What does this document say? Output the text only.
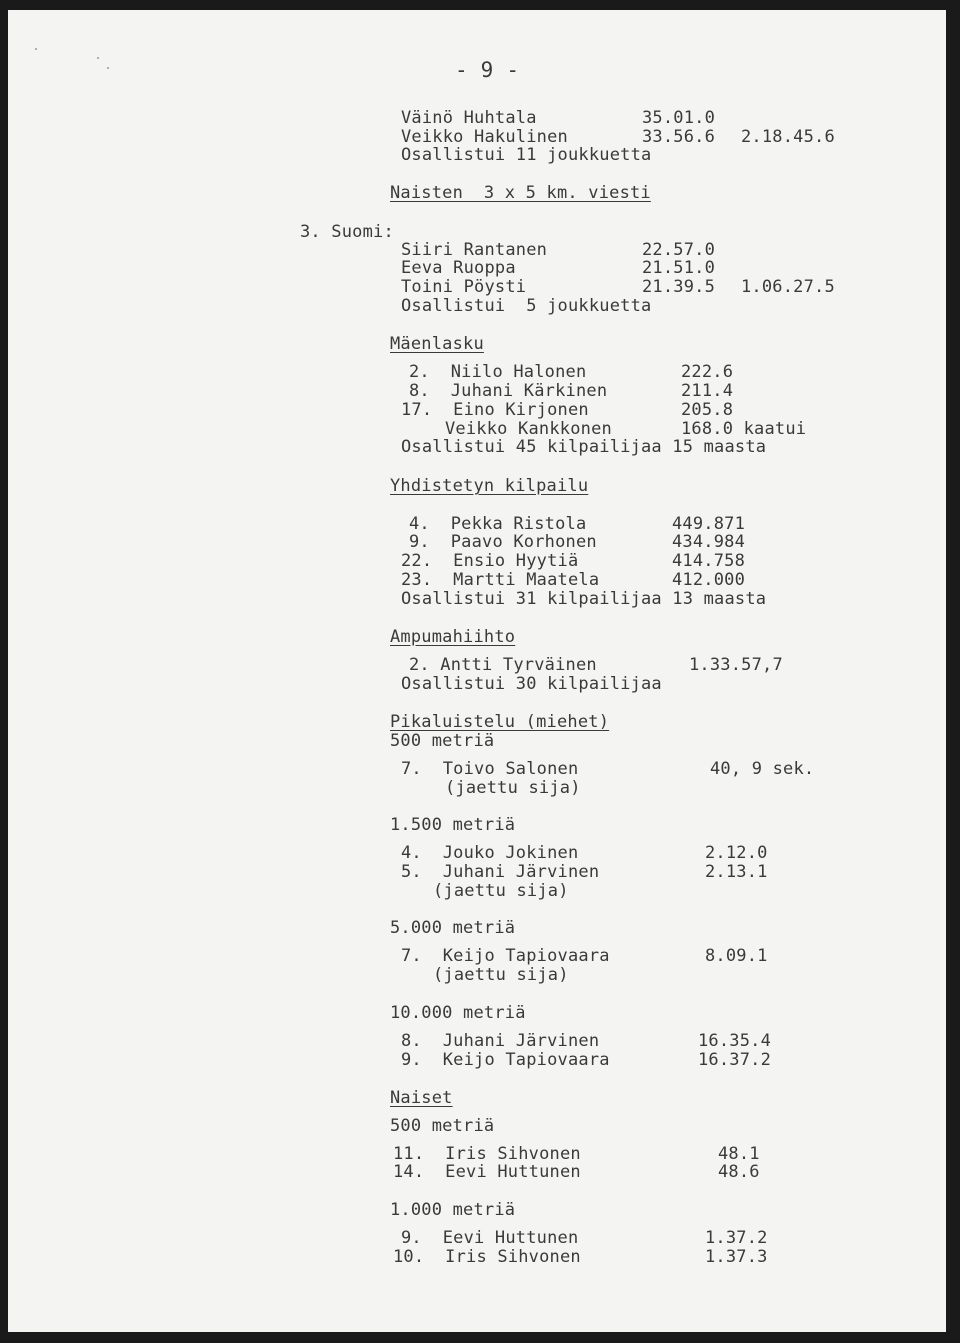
- 9 -
Väinö Huhtala	35.01.0
Veikko Hakulinen	33.56.6 2.18.45.6
Osallistui 11 joukkuetta
Naisten  3 x 5 km. viesti
3. Suomi:
Siiri Rantanen	22.57.0
Eeva Ruoppa	21.51.0
Toini Pöysti	21.39.5 1.06.27.5
Osallistui  5 joukkuetta
Mäenlasku
2.  Niilo Halonen	222.6
8.  Juhani Kärkinen	211.4
17.  Eino Kirjonen	205.8
Veikko Kankkonen	168.0 kaatui
Osallistui 45 kilpailijaa 15 maasta
Yhdistetyn kilpailu
4.  Pekka Ristola	449.871
9.  Paavo Korhonen	434.984
22.  Ensio Hyytiä	414.758
23.  Martti Maatela	412.000
Osallistui 31 kilpailijaa 13 maasta
Ampumahiihto
2. Antti Tyrväinen	1.33.57,7
Osallistui 30 kilpailijaa
Pikaluistelu (miehet)
500 metriä
7.  Toivo Salonen	40, 9 sek.
(jaettu sija)
1.500 metriä
4.  Jouko Jokinen	2.12.0
5.  Juhani Järvinen	2.13.1
(jaettu sija)
5.000 metriä
7.  Keijo Tapiovaara	8.09.1
(jaettu sija)
10.000 metriä
8.  Juhani Järvinen	16.35.4
9.  Keijo Tapiovaara	16.37.2
Naiset
500 metriä
11.  Iris Sihvonen	48.1
14.  Eevi Huttunen	48.6
1.000 metriä
9.  Eevi Huttunen	1.37.2
10.  Iris Sihvonen	1.37.3
